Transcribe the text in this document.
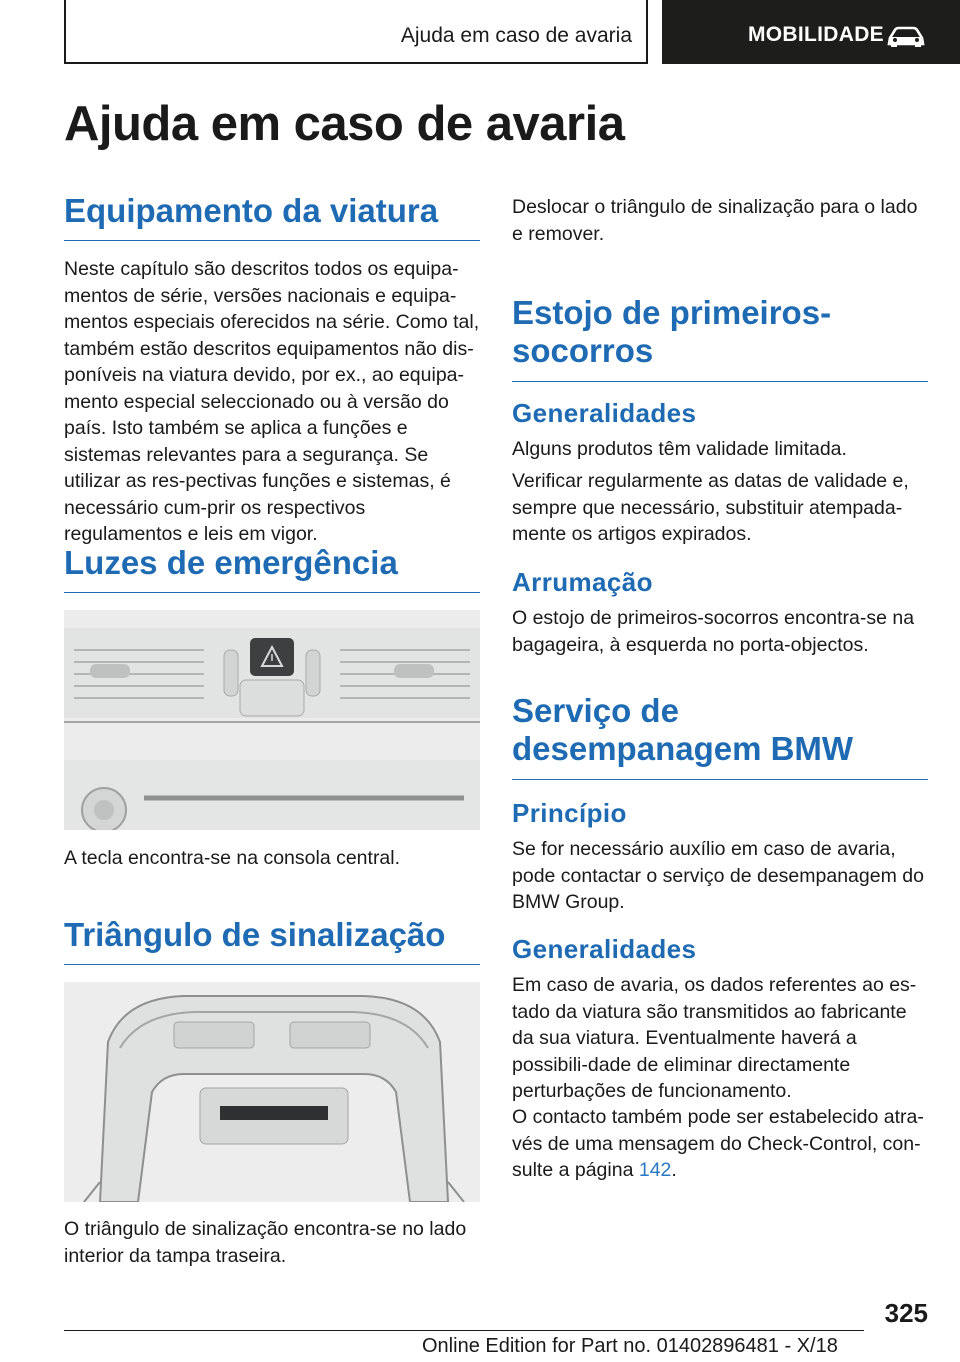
Ajuda em caso de avaria	MOBILIDADE
Ajuda em caso de avaria
Equipamento da viatura

Neste capítulo são descritos todos os equipa‐mentos de série, versões nacionais e equipa‐mentos especiais oferecidos na série. Como tal, também estão descritos equipamentos não dis‐poníveis na viatura devido, por ex., ao equipa‐mento especial seleccionado ou à versão do país. Isto também se aplica a funções e sistemas relevantes para a segurança. Se utilizar as res‐pectivas funções e sistemas, é necessário cum‐prir os respectivos regulamentos e leis em vigor.

Luzes de emergência

A tecla encontra-se na consola central.

Triângulo de sinalização

O triângulo de sinalização encontra-se no lado interior da tampa traseira.

Deslocar o triângulo de sinalização para o lado e remover.

Estojo de primeiros-socorros
Generalidades

Alguns produtos têm validade limitada.

Verificar regularmente as datas de validade e, sempre que necessário, substituir atempada‐mente os artigos expirados.

Arrumação

O estojo de primeiros-socorros encontra-se na bagageira, à esquerda no porta-objectos.

Serviço de desempanagem BMW
Princípio

Se for necessário auxílio em caso de avaria, pode contactar o serviço de desempanagem do BMW Group.

Generalidades

Em caso de avaria, os dados referentes ao es‐tado da viatura são transmitidos ao fabricante da sua viatura. Eventualmente haverá a possibili‐dade de eliminar directamente perturbações de funcionamento.

O contacto também pode ser estabelecido atra‐vés de uma mensagem do Check-Control, con‐sulte a página 142.

325
Online Edition for Part no. 01402896481 - X/18
